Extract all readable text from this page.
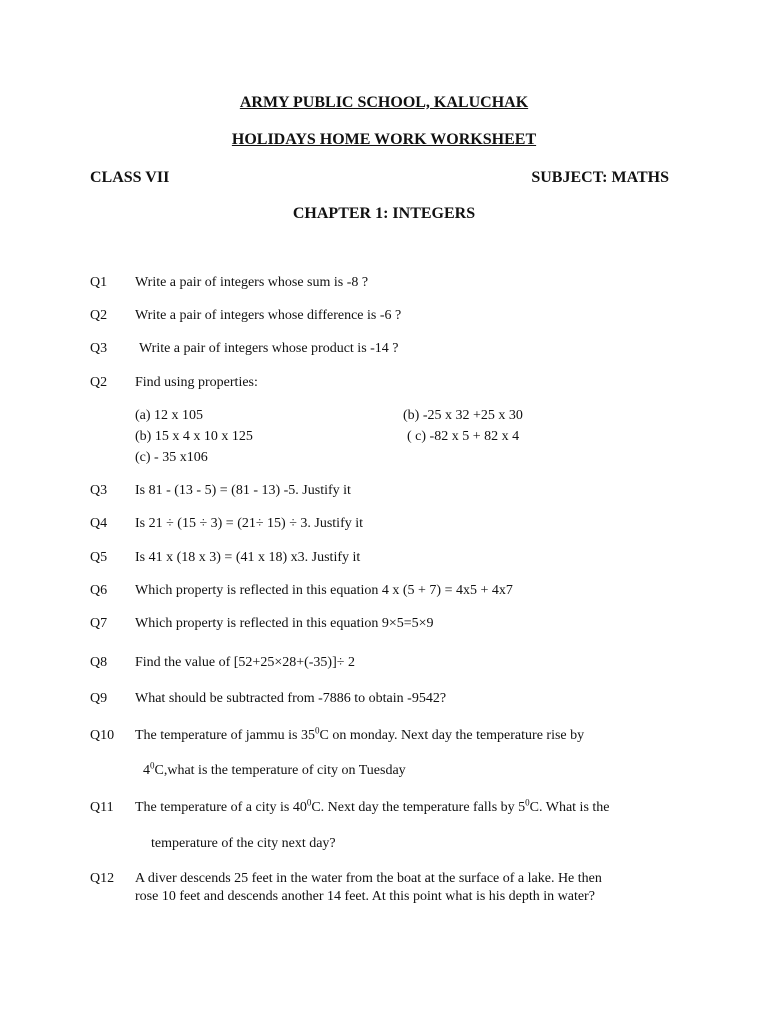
ARMY PUBLIC SCHOOL, KALUCHAK
HOLIDAYS HOME WORK WORKSHEET
CLASS VII	SUBJECT: MATHS
CHAPTER 1: INTEGERS
Q1 Write a pair of integers whose sum is -8 ?
Q2 Write a pair of integers whose difference is -6 ?
Q3 Write a pair of integers whose product is -14 ?
Q2 Find using properties:
(a) 12 x 105	(b) -25 x 32 +25 x 30
(b) 15 x 4 x 10 x 125	( c) -82 x 5 + 82 x 4
(c) - 35 x106
Q3 Is 81 - (13 - 5) = (81 - 13) -5. Justify it
Q4 Is 21 ÷ (15 ÷ 3) = (21÷ 15) ÷ 3. Justify it
Q5 Is 41 x (18 x 3) = (41 x 18) x3. Justify it
Q6 Which property is reflected in this equation 4 x (5 + 7) = 4x5 + 4x7
Q7 Which property is reflected in this equation 9×5=5×9
Q8 Find the value of [52+25×28+(-35)]÷ 2
Q9 What should be subtracted from -7886 to obtain -9542?
Q10 The temperature of jammu is $35^0C$ on monday. Next day the temperature rise by
$4^0C,what$ is the temperature of city on Tuesday
Q11 The temperature of a city is $40^0C$. Next day the temperature falls by $5^0C$. What is the
temperature of the city next day?
Q12 A diver descends 25 feet in the water from the boat at the surface of a lake. He then
rose 10 feet and descends another 14 feet. At this point what is his depth in water?
